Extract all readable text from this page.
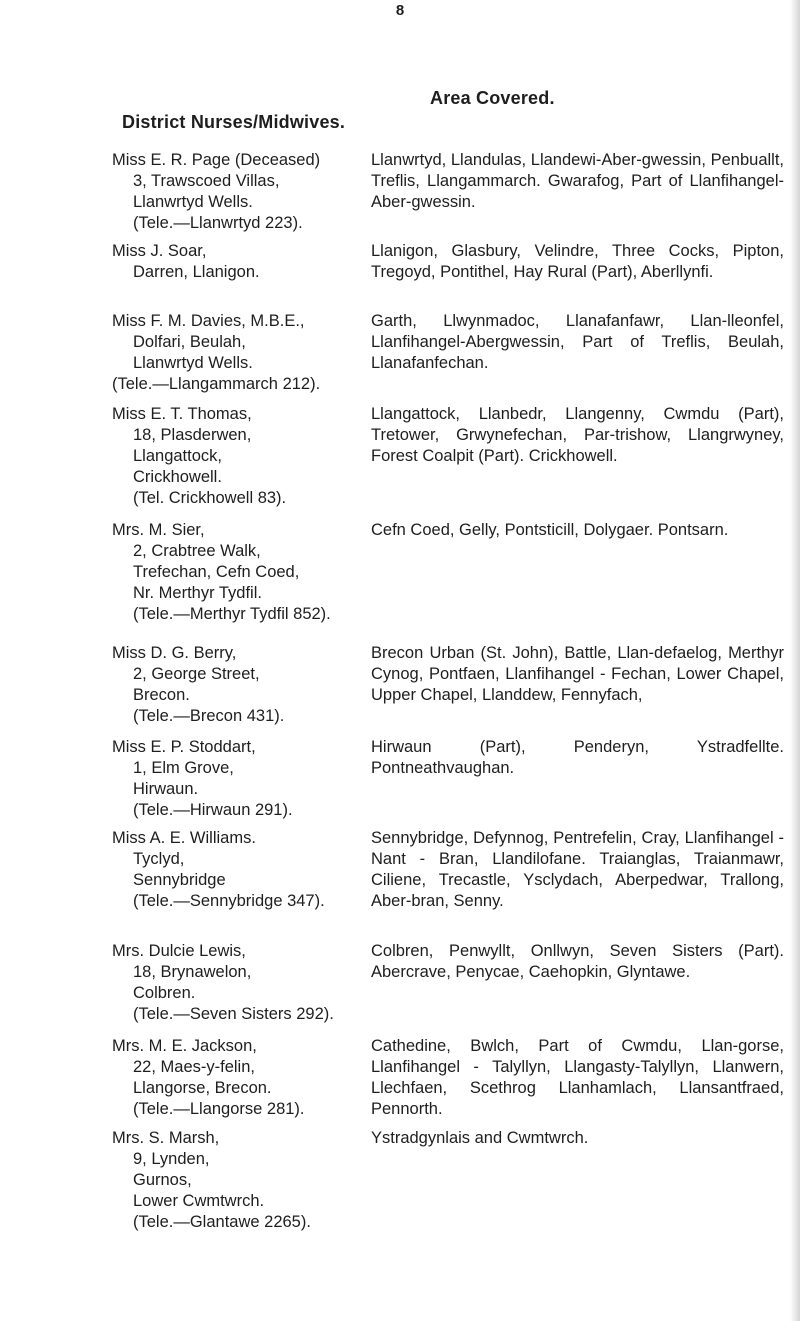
8
Area Covered.
District Nurses/Midwives.
Miss E. R. Page (Deceased)
3, Trawscoed Villas,
Llanwrtyd Wells.
(Tele.—Llanwrtyd 223).
Llanwrtyd, Llandulas, Llandewi-Aber-gwessin, Penbuallt, Treflis, Llangammarch. Gwarafog, Part of Llanfihangel-Aber-gwessin.
Miss J. Soar,
Darren, Llanigon.
Llanigon, Glasbury, Velindre, Three Cocks, Pipton, Tregoyd, Pontithel, Hay Rural (Part), Aberllynfi.
Miss F. M. Davies, M.B.E.,
Dolfari, Beulah,
Llanwrtyd Wells.
(Tele.—Llangammarch 212).
Garth, Llwynmadoc, Llanafanfawr, Llan-lleonfel, Llanfihangel-Abergwessin, Part of Treflis, Beulah, Llanafanfechan.
Miss E. T. Thomas,
18, Plasderwen,
Llangattock,
Crickhowell.
(Tel. Crickhowell 83).
Llangattock, Llanbedr, Llangenny, Cwmdu (Part), Tretower, Grwynefechan, Par-trishow, Llangrwyney, Forest Coalpit (Part). Crickhowell.
Mrs. M. Sier,
2, Crabtree Walk,
Trefechan, Cefn Coed,
Nr. Merthyr Tydfil.
(Tele.—Merthyr Tydfil 852).
Cefn Coed, Gelly, Pontsticill, Dolygaer. Pontsarn.
Miss D. G. Berry,
2, George Street,
Brecon.
(Tele.—Brecon 431).
Brecon Urban (St. John), Battle, Llan-defaelog, Merthyr Cynog, Pontfaen, Llanfihangel - Fechan, Lower Chapel, Upper Chapel, Llanddew, Fennyfach,
Miss E. P. Stoddart,
1, Elm Grove,
Hirwaun.
(Tele.—Hirwaun 291).
Hirwaun (Part), Penderyn, Ystradfellte. Pontneathvaughan.
Miss A. E. Williams.
Tyclyd,
Sennybridge
(Tele.—Sennybridge 347).
Sennybridge, Defynnog, Pentrefelin, Cray, Llanfihangel - Nant - Bran, Llandilofane. Traianglas, Traianmawr, Ciliene, Trecastle, Ysclydach, Aberpedwar, Trallong, Aber-bran, Senny.
Mrs. Dulcie Lewis,
18, Brynawelon,
Colbren.
(Tele.—Seven Sisters 292).
Colbren, Penwyllt, Onllwyn, Seven Sisters (Part). Abercrave, Penycae, Caehopkin, Glyntawe.
Mrs. M. E. Jackson,
22, Maes-y-felin,
Llangorse, Brecon.
(Tele.—Llangorse 281).
Cathedine, Bwlch, Part of Cwmdu, Llan-gorse, Llanfihangel - Talyllyn, Llangasty-Talyllyn, Llanwern, Llechfaen, Scethrog Llanhamlach, Llansantfraed, Pennorth.
Mrs. S. Marsh,
9, Lynden,
Gurnos,
Lower Cwmtwrch.
(Tele.—Glantawe 2265).
Ystradgynlais and Cwmtwrch.
